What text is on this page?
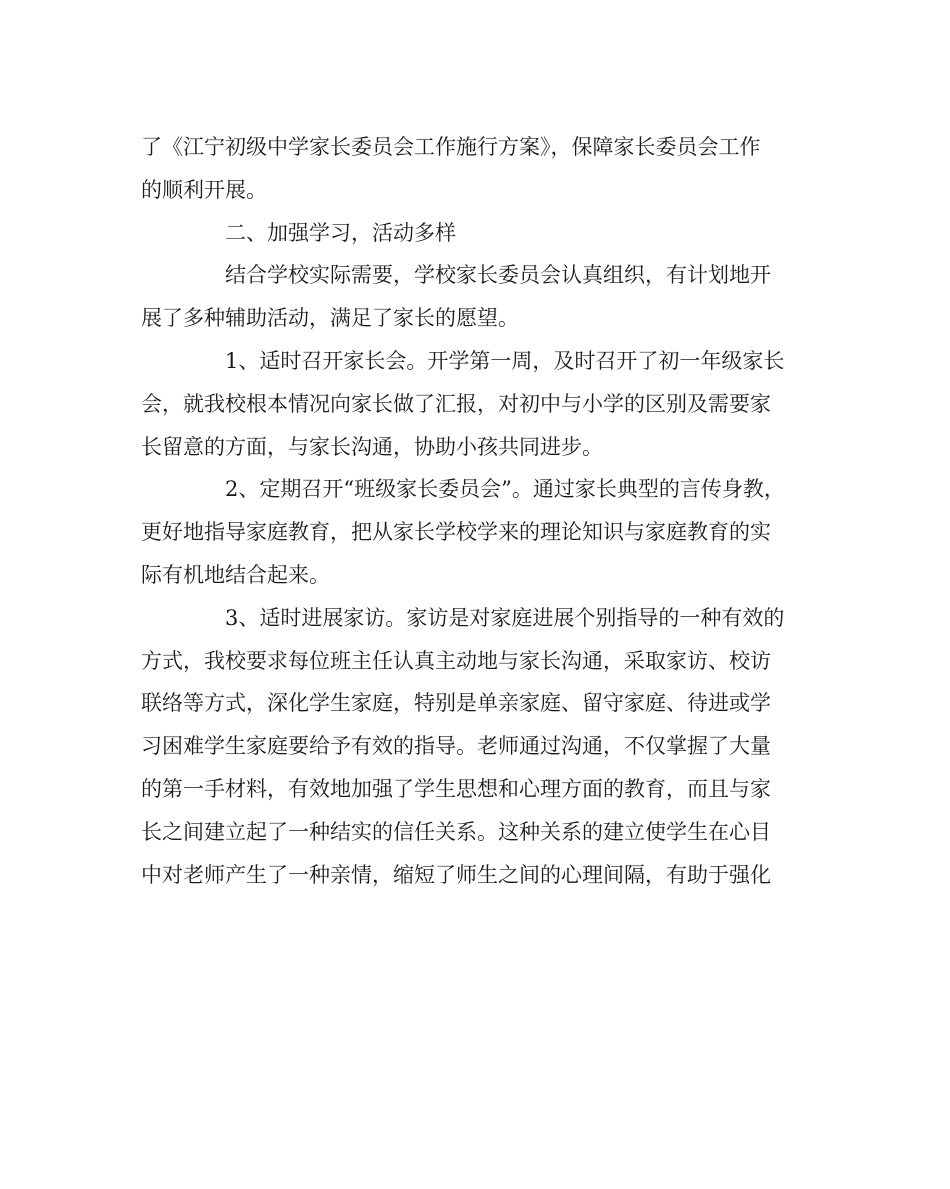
了《江宁初级中学家长委员会工作施行方案》，保障家长委员会工作
的顺利开展。
二、加强学习，活动多样
结合学校实际需要，学校家长委员会认真组织，有计划地开
展了多种辅助活动，满足了家长的愿望。
1、适时召开家长会。开学第一周，及时召开了初一年级家长
会，就我校根本情况向家长做了汇报，对初中与小学的区别及需要家
长留意的方面，与家长沟通，协助小孩共同进步。
2、定期召开“班级家长委员会”。通过家长典型的言传身教，
更好地指导家庭教育，把从家长学校学来的理论知识与家庭教育的实
际有机地结合起来。
3、适时进展家访。家访是对家庭进展个别指导的一种有效的
方式，我校要求每位班主任认真主动地与家长沟通，采取家访、校访
联络等方式，深化学生家庭，特别是单亲家庭、留守家庭、待进或学
习困难学生家庭要给予有效的指导。老师通过沟通，不仅掌握了大量
的第一手材料，有效地加强了学生思想和心理方面的教育，而且与家
长之间建立起了一种结实的信任关系。这种关系的建立使学生在心目
中对老师产生了一种亲情，缩短了师生之间的心理间隔，有助于强化
